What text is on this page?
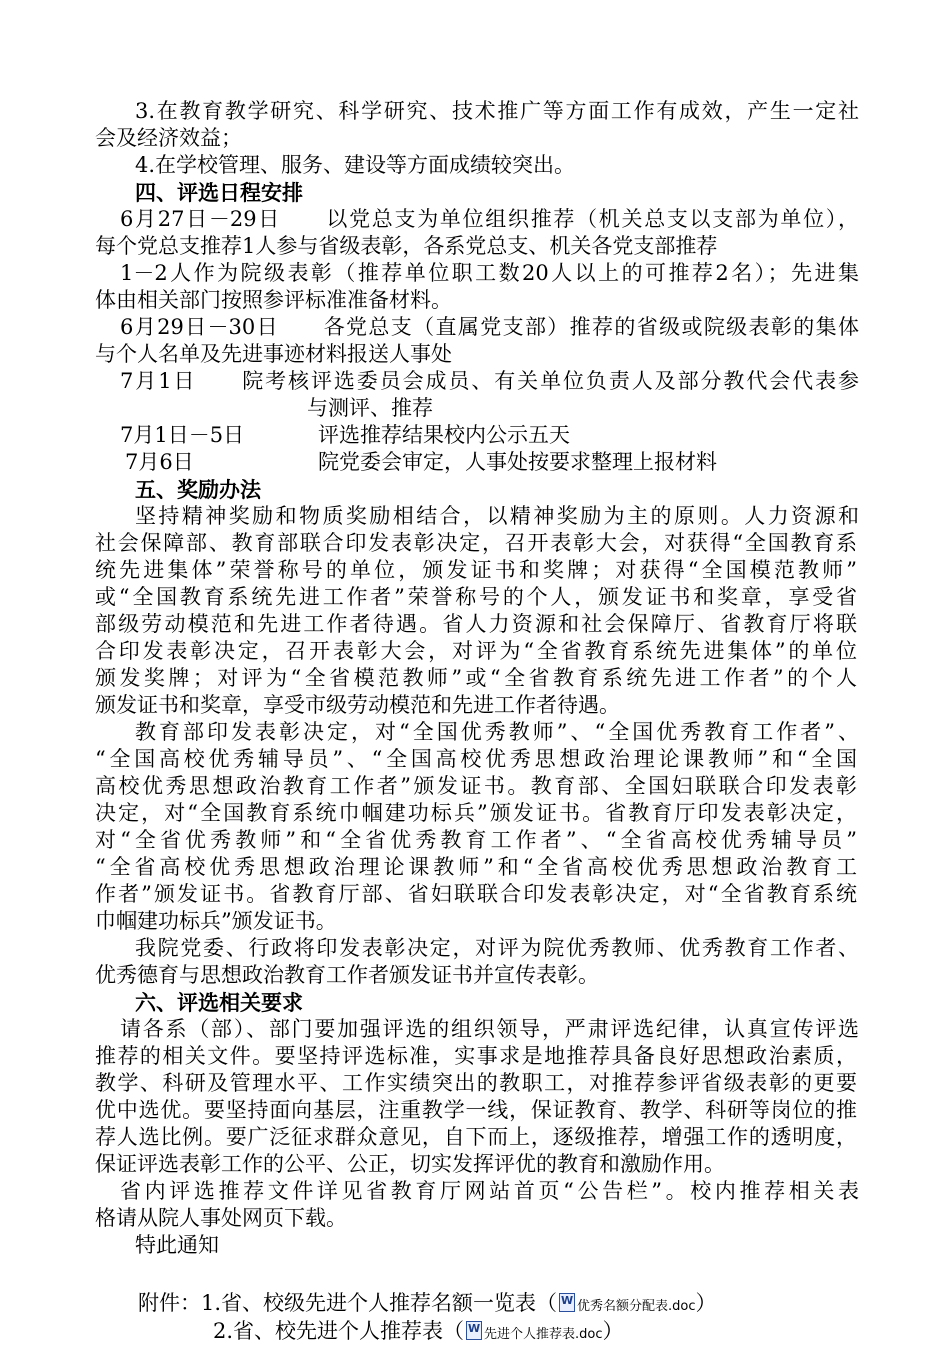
3.在教育教学研究、科学研究、技术推广等方面工作有成效，产生一定社
会及经济效益；
4.在学校管理、服务、建设等方面成绩较突出。
四、评选日程安排
6月27日－29日　　以党总支为单位组织推荐（机关总支以支部为单位），
每个党总支推荐1人参与省级表彰，各系党总支、机关各党支部推荐
1－2人作为院级表彰（推荐单位职工数20人以上的可推荐2名）；先进集
体由相关部门按照参评标准准备材料。
6月29日－30日　　各党总支（直属党支部）推荐的省级或院级表彰的集体
与个人名单及先进事迹材料报送人事处
7月1日　　院考核评选委员会成员、有关单位负责人及部分教代会代表参
与测评、推荐
7月1日－5日	评选推荐结果校内公示五天
7月6日	院党委会审定，人事处按要求整理上报材料
五、奖励办法
坚持精神奖励和物质奖励相结合，以精神奖励为主的原则。人力资源和
社会保障部、教育部联合印发表彰决定，召开表彰大会，对获得“全国教育系
统先进集体”荣誉称号的单位，颁发证书和奖牌；对获得“全国模范教师”
或“全国教育系统先进工作者”荣誉称号的个人，颁发证书和奖章，享受省
部级劳动模范和先进工作者待遇。省人力资源和社会保障厅、省教育厅将联
合印发表彰决定，召开表彰大会，对评为“全省教育系统先进集体”的单位
颁发奖牌；对评为“全省模范教师”或“全省教育系统先进工作者”的个人
颁发证书和奖章，享受市级劳动模范和先进工作者待遇。
教育部印发表彰决定，对“全国优秀教师”、“全国优秀教育工作者”、
“全国高校优秀辅导员”、“全国高校优秀思想政治理论课教师”和“全国
高校优秀思想政治教育工作者”颁发证书。教育部、全国妇联联合印发表彰
决定，对“全国教育系统巾帼建功标兵”颁发证书。省教育厅印发表彰决定，
对“全省优秀教师”和“全省优秀教育工作者”、“全省高校优秀辅导员”
“全省高校优秀思想政治理论课教师”和“全省高校优秀思想政治教育工
作者”颁发证书。省教育厅部、省妇联联合印发表彰决定，对“全省教育系统
巾帼建功标兵”颁发证书。
我院党委、行政将印发表彰决定，对评为院优秀教师、优秀教育工作者、
优秀德育与思想政治教育工作者颁发证书并宣传表彰。
六、评选相关要求
请各系（部）、部门要加强评选的组织领导，严肃评选纪律，认真宣传评选
推荐的相关文件。要坚持评选标准，实事求是地推荐具备良好思想政治素质，
教学、科研及管理水平、工作实绩突出的教职工，对推荐参评省级表彰的更要
优中选优。要坚持面向基层，注重教学一线，保证教育、教学、科研等岗位的推
荐人选比例。要广泛征求群众意见，自下而上，逐级推荐，增强工作的透明度，
保证评选表彰工作的公平、公正，切实发挥评优的教育和激励作用。
省内评选推荐文件详见省教育厅网站首页“公告栏”。校内推荐相关表
格请从院人事处网页下载。
特此通知
附件：1.省、校级先进个人推荐名额一览表（ W 优秀名额分配表.doc）
2.省、校先进个人推荐表（ W 先进个人推荐表.doc）
